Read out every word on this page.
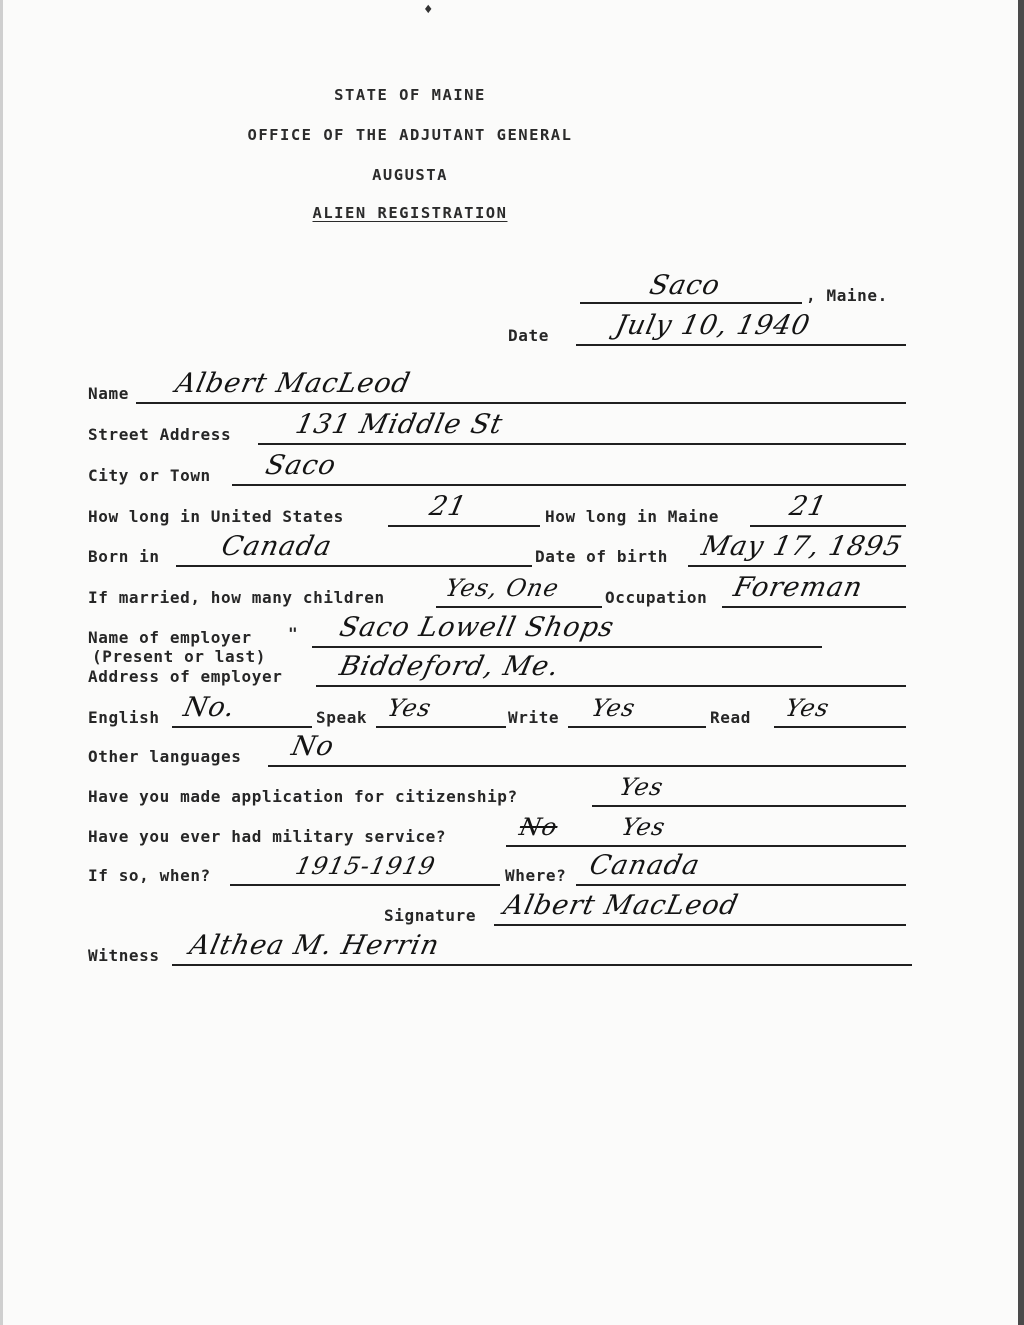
♦
STATE OF MAINE
OFFICE OF THE ADJUTANT GENERAL
AUGUSTA
ALIEN REGISTRATION
Saco	, Maine.
Date July 10, 1940
Name Albert MacLeod
Street Address 131 Middle St
City or Town Saco
How long in United States	21	How long in Maine	21
Born in Canada	Date of birth May 17, 1895
If married, how many children Yes, One	Occupation Foreman
Name of employer " Saco Lowell Shops
(Present or last)
Address of employer Biddeford, Me.
English No.	Speak Yes	Write Yes	Read Yes
Other languages No
Have you made application for citizenship?	Yes
Have you ever had military service?	No Yes
If so, when?	1915-1919	Where? Canada
Signature Albert MacLeod
Witness Althea M. Herrin
